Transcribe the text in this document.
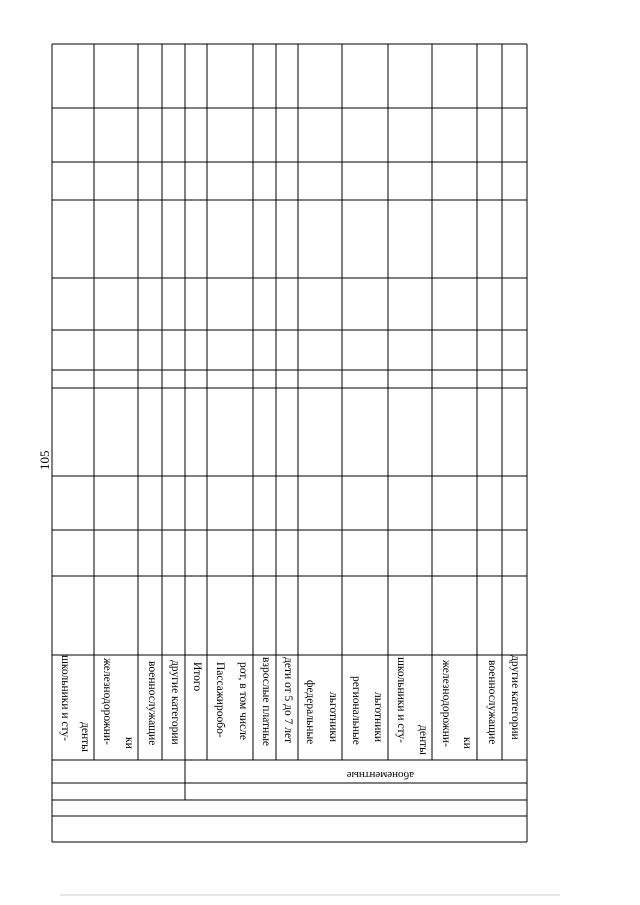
105
школьники и сту- денты железнодорожни- ки военнослужащие другие категории Итого Пассажирообо- рот, в том числе взрослые платные дети от 5 до 7 лет федеральные льготники региональные льготники школьники и сту- денты железнодорожни- ки военнослужащие другие категории
абонементные
